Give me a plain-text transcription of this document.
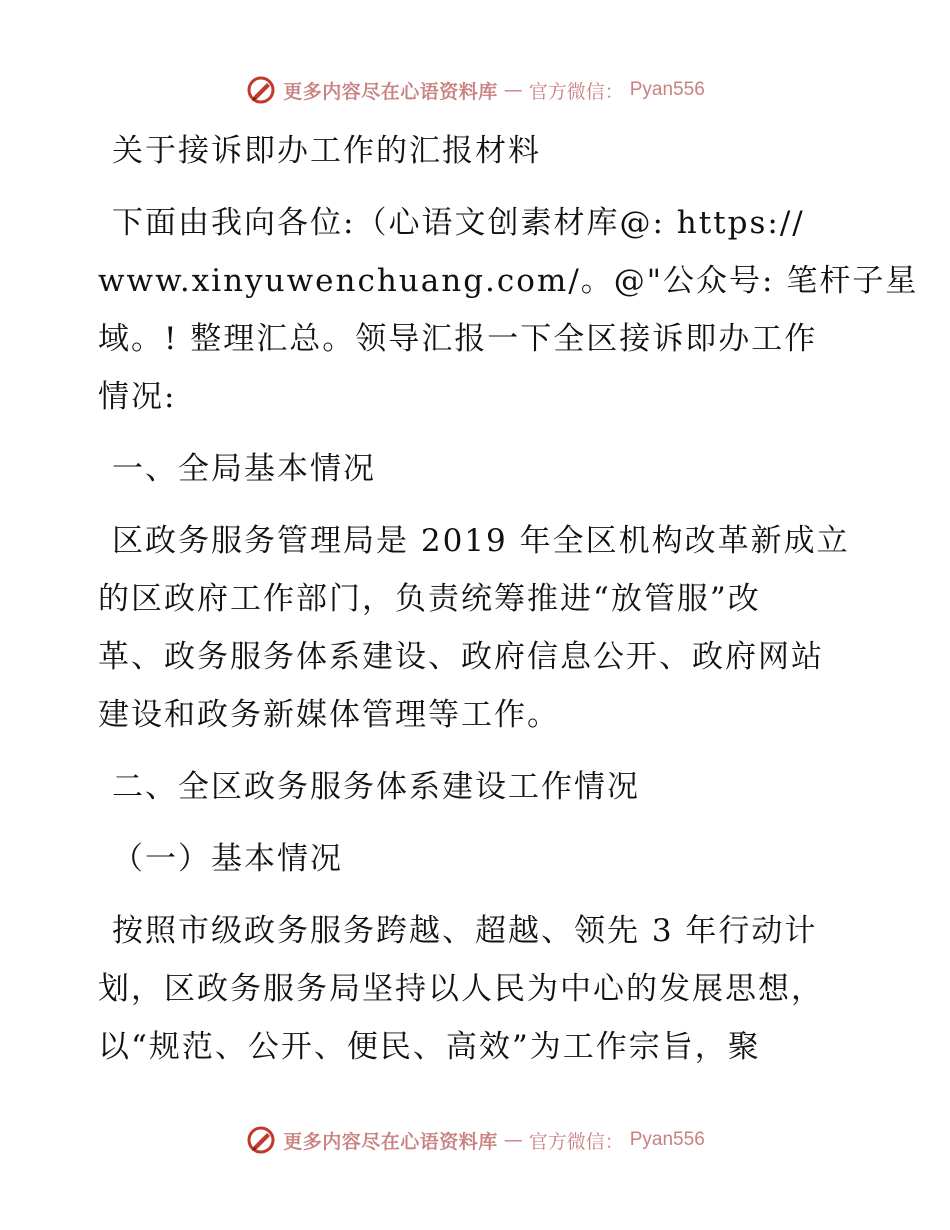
更多内容尽在心语资料库 — 官方微信： Pyan556

关于接诉即办工作的汇报材料

下面由我向各位:（心语文创素材库@: https://

www.xinyuwenchuang.com/。@"公众号: 笔杆子星

域。! 整理汇总。领导汇报一下全区接诉即办工作

情况:

一、全局基本情况

区政务服务管理局是 2019 年全区机构改革新成立

的区政府工作部门，负责统筹推进“放管服”改

革、政务服务体系建设、政府信息公开、政府网站

建设和政务新媒体管理等工作。

二、全区政务服务体系建设工作情况

（一）基本情况

按照市级政务服务跨越、超越、领先 3 年行动计

划，区政务服务局坚持以人民为中心的发展思想，

以“规范、公开、便民、高效”为工作宗旨，聚

更多内容尽在心语资料库 — 官方微信： Pyan556
